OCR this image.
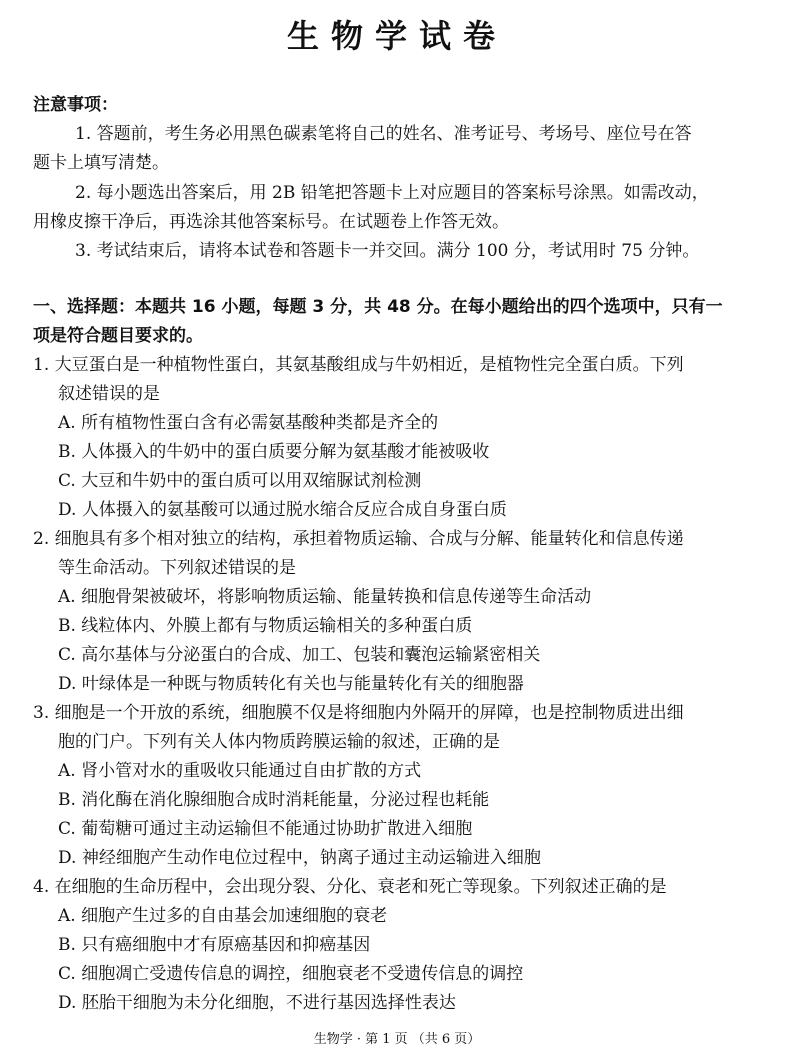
生物学试卷
注意事项：
1. 答题前，考生务必用黑色碳素笔将自己的姓名、准考证号、考场号、座位号在答
题卡上填写清楚。
2. 每小题选出答案后，用 2B 铅笔把答题卡上对应题目的答案标号涂黑。如需改动，
用橡皮擦干净后，再选涂其他答案标号。在试题卷上作答无效。
3. 考试结束后，请将本试卷和答题卡一并交回。满分 100 分，考试用时 75 分钟。
一、选择题：本题共 16 小题，每题 3 分，共 48 分。在每小题给出的四个选项中，只有一
项是符合题目要求的。
1. 大豆蛋白是一种植物性蛋白，其氨基酸组成与牛奶相近，是植物性完全蛋白质。下列
叙述错误的是
A. 所有植物性蛋白含有必需氨基酸种类都是齐全的
B. 人体摄入的牛奶中的蛋白质要分解为氨基酸才能被吸收
C. 大豆和牛奶中的蛋白质可以用双缩脲试剂检测
D. 人体摄入的氨基酸可以通过脱水缩合反应合成自身蛋白质
2. 细胞具有多个相对独立的结构，承担着物质运输、合成与分解、能量转化和信息传递
等生命活动。下列叙述错误的是
A. 细胞骨架被破坏，将影响物质运输、能量转换和信息传递等生命活动
B. 线粒体内、外膜上都有与物质运输相关的多种蛋白质
C. 高尔基体与分泌蛋白的合成、加工、包装和囊泡运输紧密相关
D. 叶绿体是一种既与物质转化有关也与能量转化有关的细胞器
3. 细胞是一个开放的系统，细胞膜不仅是将细胞内外隔开的屏障，也是控制物质进出细
胞的门户。下列有关人体内物质跨膜运输的叙述，正确的是
A. 肾小管对水的重吸收只能通过自由扩散的方式
B. 消化酶在消化腺细胞合成时消耗能量，分泌过程也耗能
C. 葡萄糖可通过主动运输但不能通过协助扩散进入细胞
D. 神经细胞产生动作电位过程中，钠离子通过主动运输进入细胞
4. 在细胞的生命历程中，会出现分裂、分化、衰老和死亡等现象。下列叙述正确的是
A. 细胞产生过多的自由基会加速细胞的衰老
B. 只有癌细胞中才有原癌基因和抑癌基因
C. 细胞凋亡受遗传信息的调控，细胞衰老不受遗传信息的调控
D. 胚胎干细胞为未分化细胞，不进行基因选择性表达
生物学 · 第 1 页 （共 6 页）
